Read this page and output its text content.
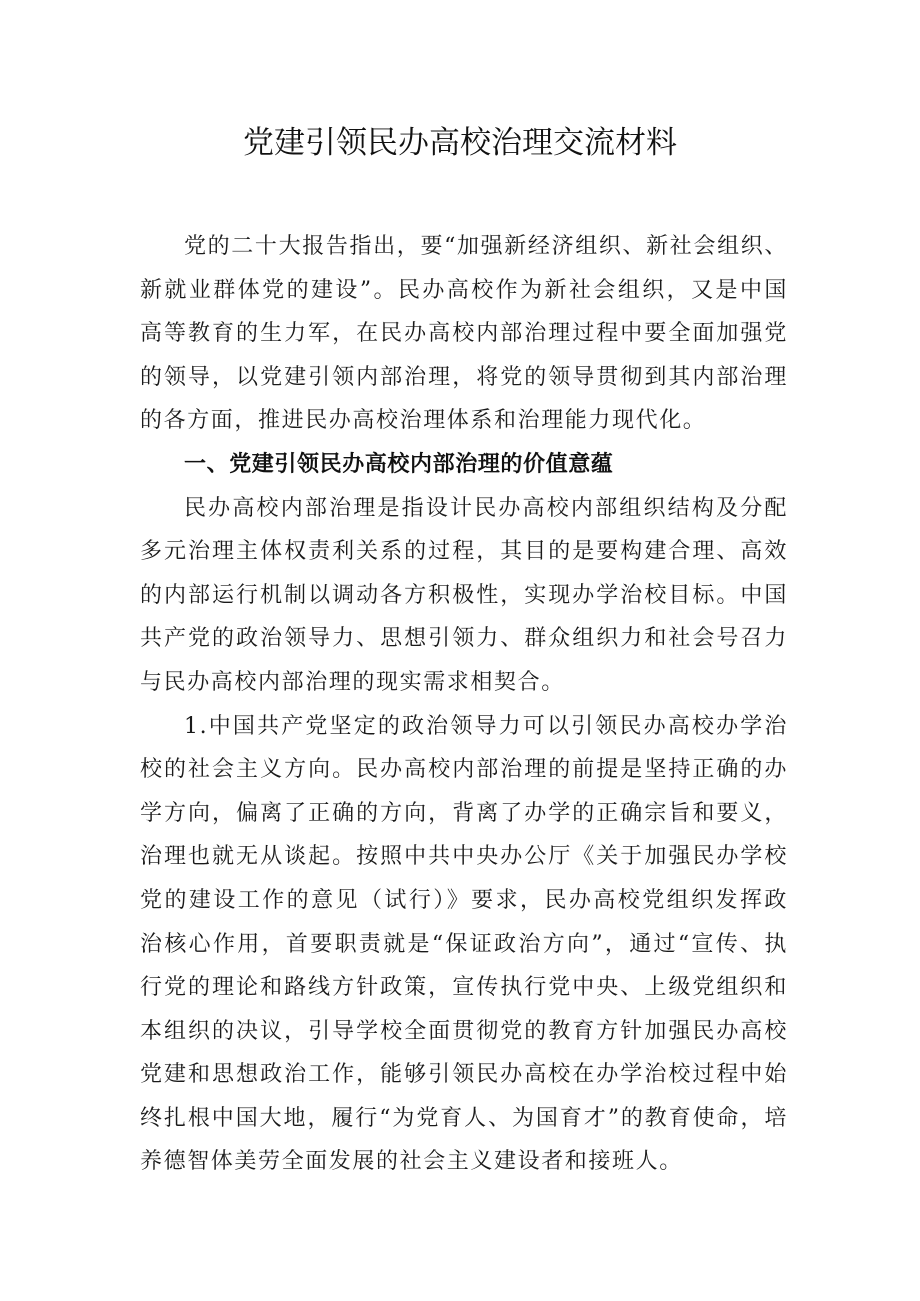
党建引领民办高校治理交流材料

党的二十大报告指出，要“加强新经济组织、新社会组织、新就业群体党的建设”。民办高校作为新社会组织，又是中国高等教育的生力军，在民办高校内部治理过程中要全面加强党的领导，以党建引领内部治理，将党的领导贯彻到其内部治理的各方面，推进民办高校治理体系和治理能力现代化。

一、党建引领民办高校内部治理的价值意蕴

民办高校内部治理是指设计民办高校内部组织结构及分配多元治理主体权责利关系的过程，其目的是要构建合理、高效的内部运行机制以调动各方积极性，实现办学治校目标。中国共产党的政治领导力、思想引领力、群众组织力和社会号召力与民办高校内部治理的现实需求相契合。

1.中国共产党坚定的政治领导力可以引领民办高校办学治校的社会主义方向。民办高校内部治理的前提是坚持正确的办学方向，偏离了正确的方向，背离了办学的正确宗旨和要义，治理也就无从谈起。按照中共中央办公厅《关于加强民办学校党的建设工作的意见（试行）》要求，民办高校党组织发挥政治核心作用，首要职责就是“保证政治方向”，通过“宣传、执行党的理论和路线方针政策，宣传执行党中央、上级党组织和本组织的决议，引导学校全面贯彻党的教育方针加强民办高校党建和思想政治工作，能够引领民办高校在办学治校过程中始终扎根中国大地，履行“为党育人、为国育才”的教育使命，培养德智体美劳全面发展的社会主义建设者和接班人。
